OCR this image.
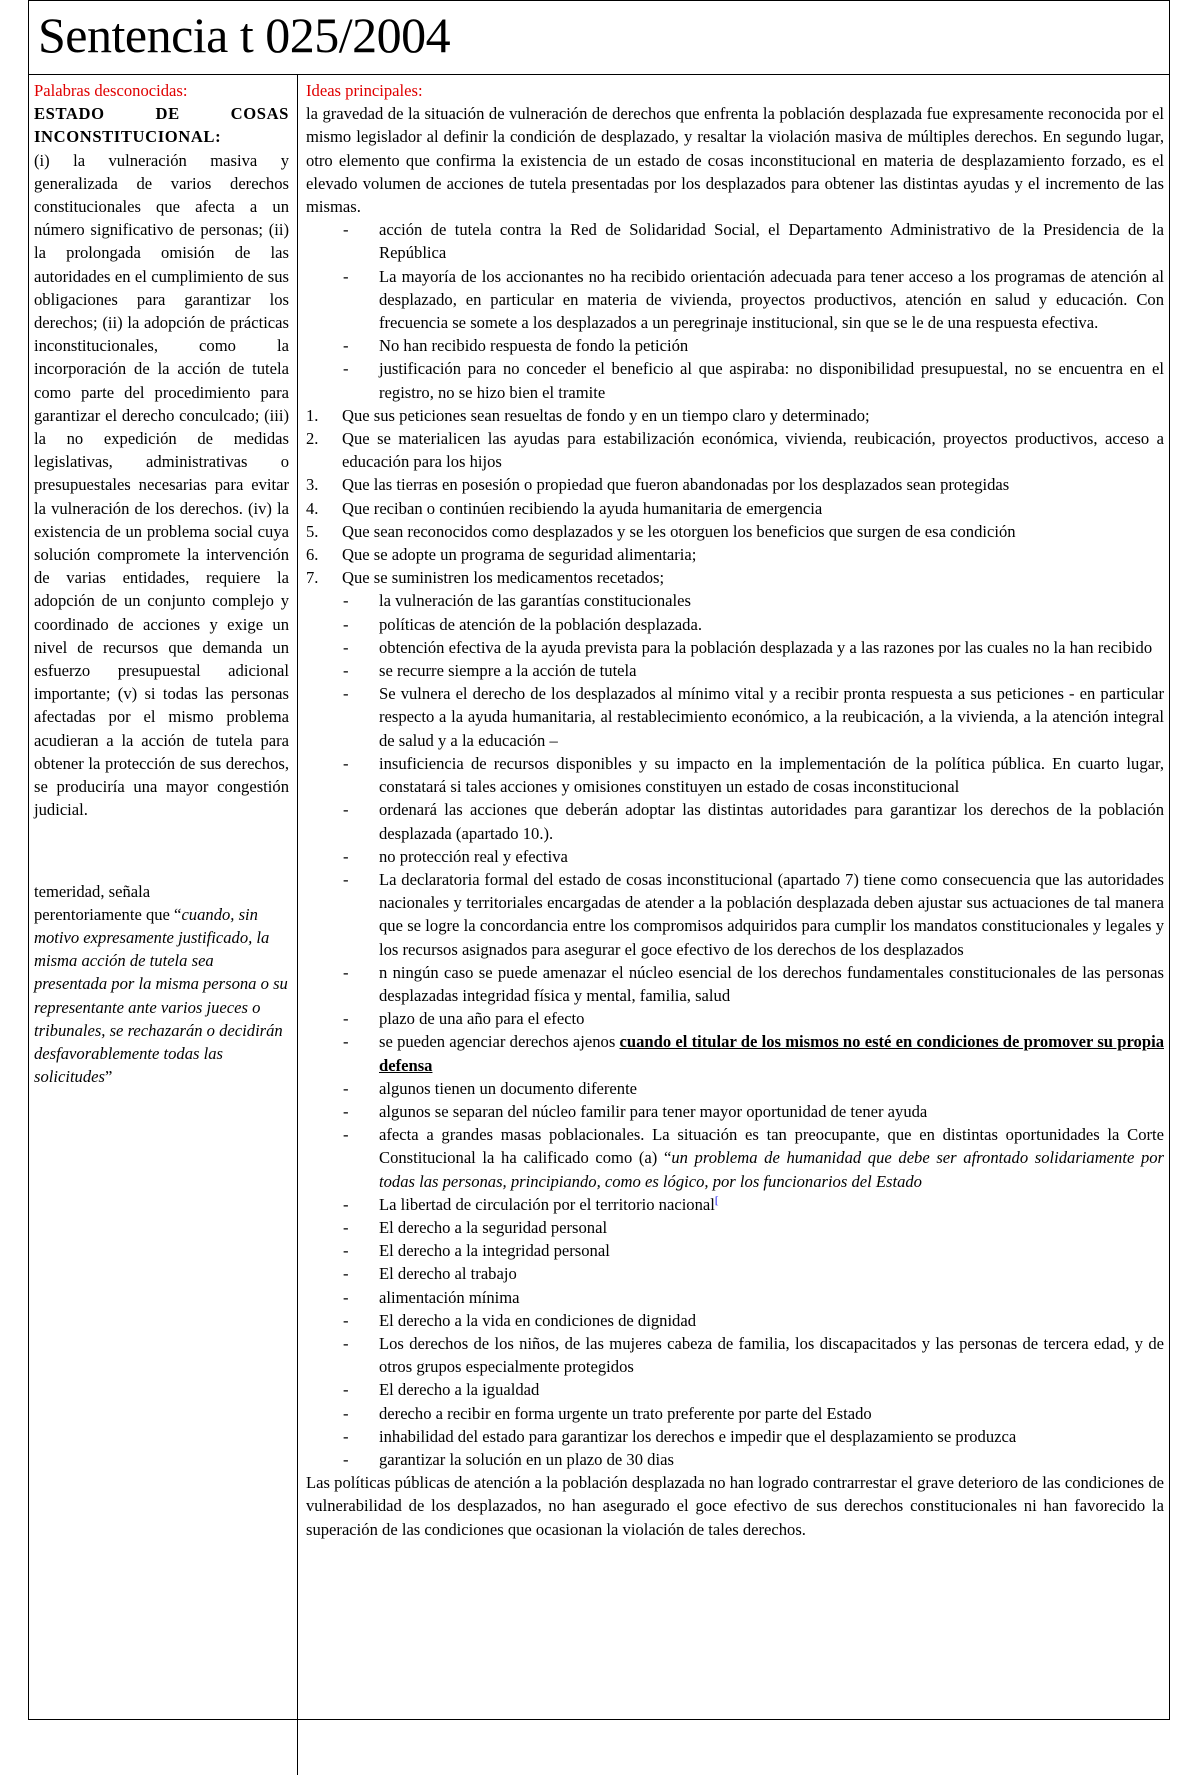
Sentencia t 025/2004
Palabras desconocidas:
ESTADO DE COSAS INCONSTITUCIONAL:
(i) la vulneración masiva y generalizada de varios derechos constitucionales que afecta a un número significativo de personas; (ii) la prolongada omisión de las autoridades en el cumplimiento de sus obligaciones para garantizar los derechos; (ii) la adopción de prácticas inconstitucionales, como la incorporación de la acción de tutela como parte del procedimiento para garantizar el derecho conculcado; (iii) la no expedición de medidas legislativas, administrativas o presupuestales necesarias para evitar la vulneración de los derechos. (iv) la existencia de un problema social cuya solución compromete la intervención de varias entidades, requiere la adopción de un conjunto complejo y coordinado de acciones y exige un nivel de recursos que demanda un esfuerzo presupuestal adicional importante; (v) si todas las personas afectadas por el mismo problema acudieran a la acción de tutela para obtener la protección de sus derechos, se produciría una mayor congestión judicial.
temeridad, señala
perentoriamente que “cuando, sin motivo expresamente justificado, la misma acción de tutela sea presentada por la misma persona o su representante ante varios jueces o tribunales, se rechazarán o decidirán desfavorablemente todas las solicitudes”
Ideas principales:

la gravedad de la situación de vulneración de derechos que enfrenta la población desplazada fue expresamente reconocida por el mismo legislador al definir la condición de desplazado, y resaltar la violación masiva de múltiples derechos. En segundo lugar, otro elemento que confirma la existencia de un estado de cosas inconstitucional en materia de desplazamiento forzado, es el elevado volumen de acciones de tutela presentadas por los desplazados para obtener las distintas ayudas y el incremento de las mismas.

- acción de tutela contra la Red de Solidaridad Social, el Departamento Administrativo de la Presidencia de la República
- La mayoría de los accionantes no ha recibido orientación adecuada para tener acceso a los programas de atención al desplazado, en particular en materia de vivienda, proyectos productivos, atención en salud y educación. Con frecuencia se somete a los desplazados a un peregrinaje institucional, sin que se le de una respuesta efectiva.
- No han recibido respuesta de fondo la petición
- justificación para no conceder el beneficio al que aspiraba: no disponibilidad presupuestal, no se encuentra en el registro, no se hizo bien el tramite
1. Que sus peticiones sean resueltas de fondo y en un tiempo claro y determinado;
2. Que se materialicen las ayudas para estabilización económica, vivienda, reubicación, proyectos productivos, acceso a educación para los hijos
3. Que las tierras en posesión o propiedad que fueron abandonadas por los desplazados sean protegidas
4. Que reciban o continúen recibiendo la ayuda humanitaria de emergencia
5. Que sean reconocidos como desplazados y se les otorguen los beneficios que surgen de esa condición
6. Que se adopte un programa de seguridad alimentaria;
7. Que se suministren los medicamentos recetados;
- la vulneración de las garantías constitucionales
- políticas de atención de la población desplazada.
- obtención efectiva de la ayuda prevista para la población desplazada y a las razones por las cuales no la han recibido
- se recurre siempre a la acción de tutela
- Se vulnera el derecho de los desplazados al mínimo vital y a recibir pronta respuesta a sus peticiones - en particular respecto a la ayuda humanitaria, al restablecimiento económico, a la reubicación, a la vivienda, a la atención integral de salud y a la educación –
- insuficiencia de recursos disponibles y su impacto en la implementación de la política pública. En cuarto lugar, constatará si tales acciones y omisiones constituyen un estado de cosas inconstitucional
- ordenará las acciones que deberán adoptar las distintas autoridades para garantizar los derechos de la población desplazada (apartado 10.).
- no protección real y efectiva
- La declaratoria formal del estado de cosas inconstitucional (apartado 7) tiene como consecuencia que las autoridades nacionales y territoriales encargadas de atender a la población desplazada deben ajustar sus actuaciones de tal manera que se logre la concordancia entre los compromisos adquiridos para cumplir los mandatos constitucionales y legales y los recursos asignados para asegurar el goce efectivo de los derechos de los desplazados
- n ningún caso se puede amenazar el núcleo esencial de los derechos fundamentales constitucionales de las personas desplazadas integridad física y mental, familia, salud
- plazo de una año para el efecto
- se pueden agenciar derechos ajenos cuando el titular de los mismos no esté en condiciones de promover su propia defensa
- algunos tienen un documento diferente
- algunos se separan del núcleo familir para tener mayor oportunidad de tener ayuda
- afecta a grandes masas poblacionales. La situación es tan preocupante, que en distintas oportunidades la Corte Constitucional la ha calificado como (a) “un problema de humanidad que debe ser afrontado solidariamente por todas las personas, principiando, como es lógico, por los funcionarios del Estado
- La libertad de circulación por el territorio nacional[
- El derecho a la seguridad personal
- El derecho a la integridad personal
- El derecho al trabajo
- alimentación mínima
- El derecho a la vida en condiciones de dignidad
- Los derechos de los niños, de las mujeres cabeza de familia, los discapacitados y las personas de tercera edad, y de otros grupos especialmente protegidos
- El derecho a la igualdad
- derecho a recibir en forma urgente un trato preferente por parte del Estado
- inhabilidad del estado para garantizar los derechos e impedir que el desplazamiento se produzca
- garantizar la solución en un plazo de 30 dias

Las políticas públicas de atención a la población desplazada no han logrado contrarrestar el grave deterioro de las condiciones de vulnerabilidad de los desplazados, no han asegurado el goce efectivo de sus derechos constitucionales ni han favorecido la superación de las condiciones que ocasionan la violación de tales derechos.
